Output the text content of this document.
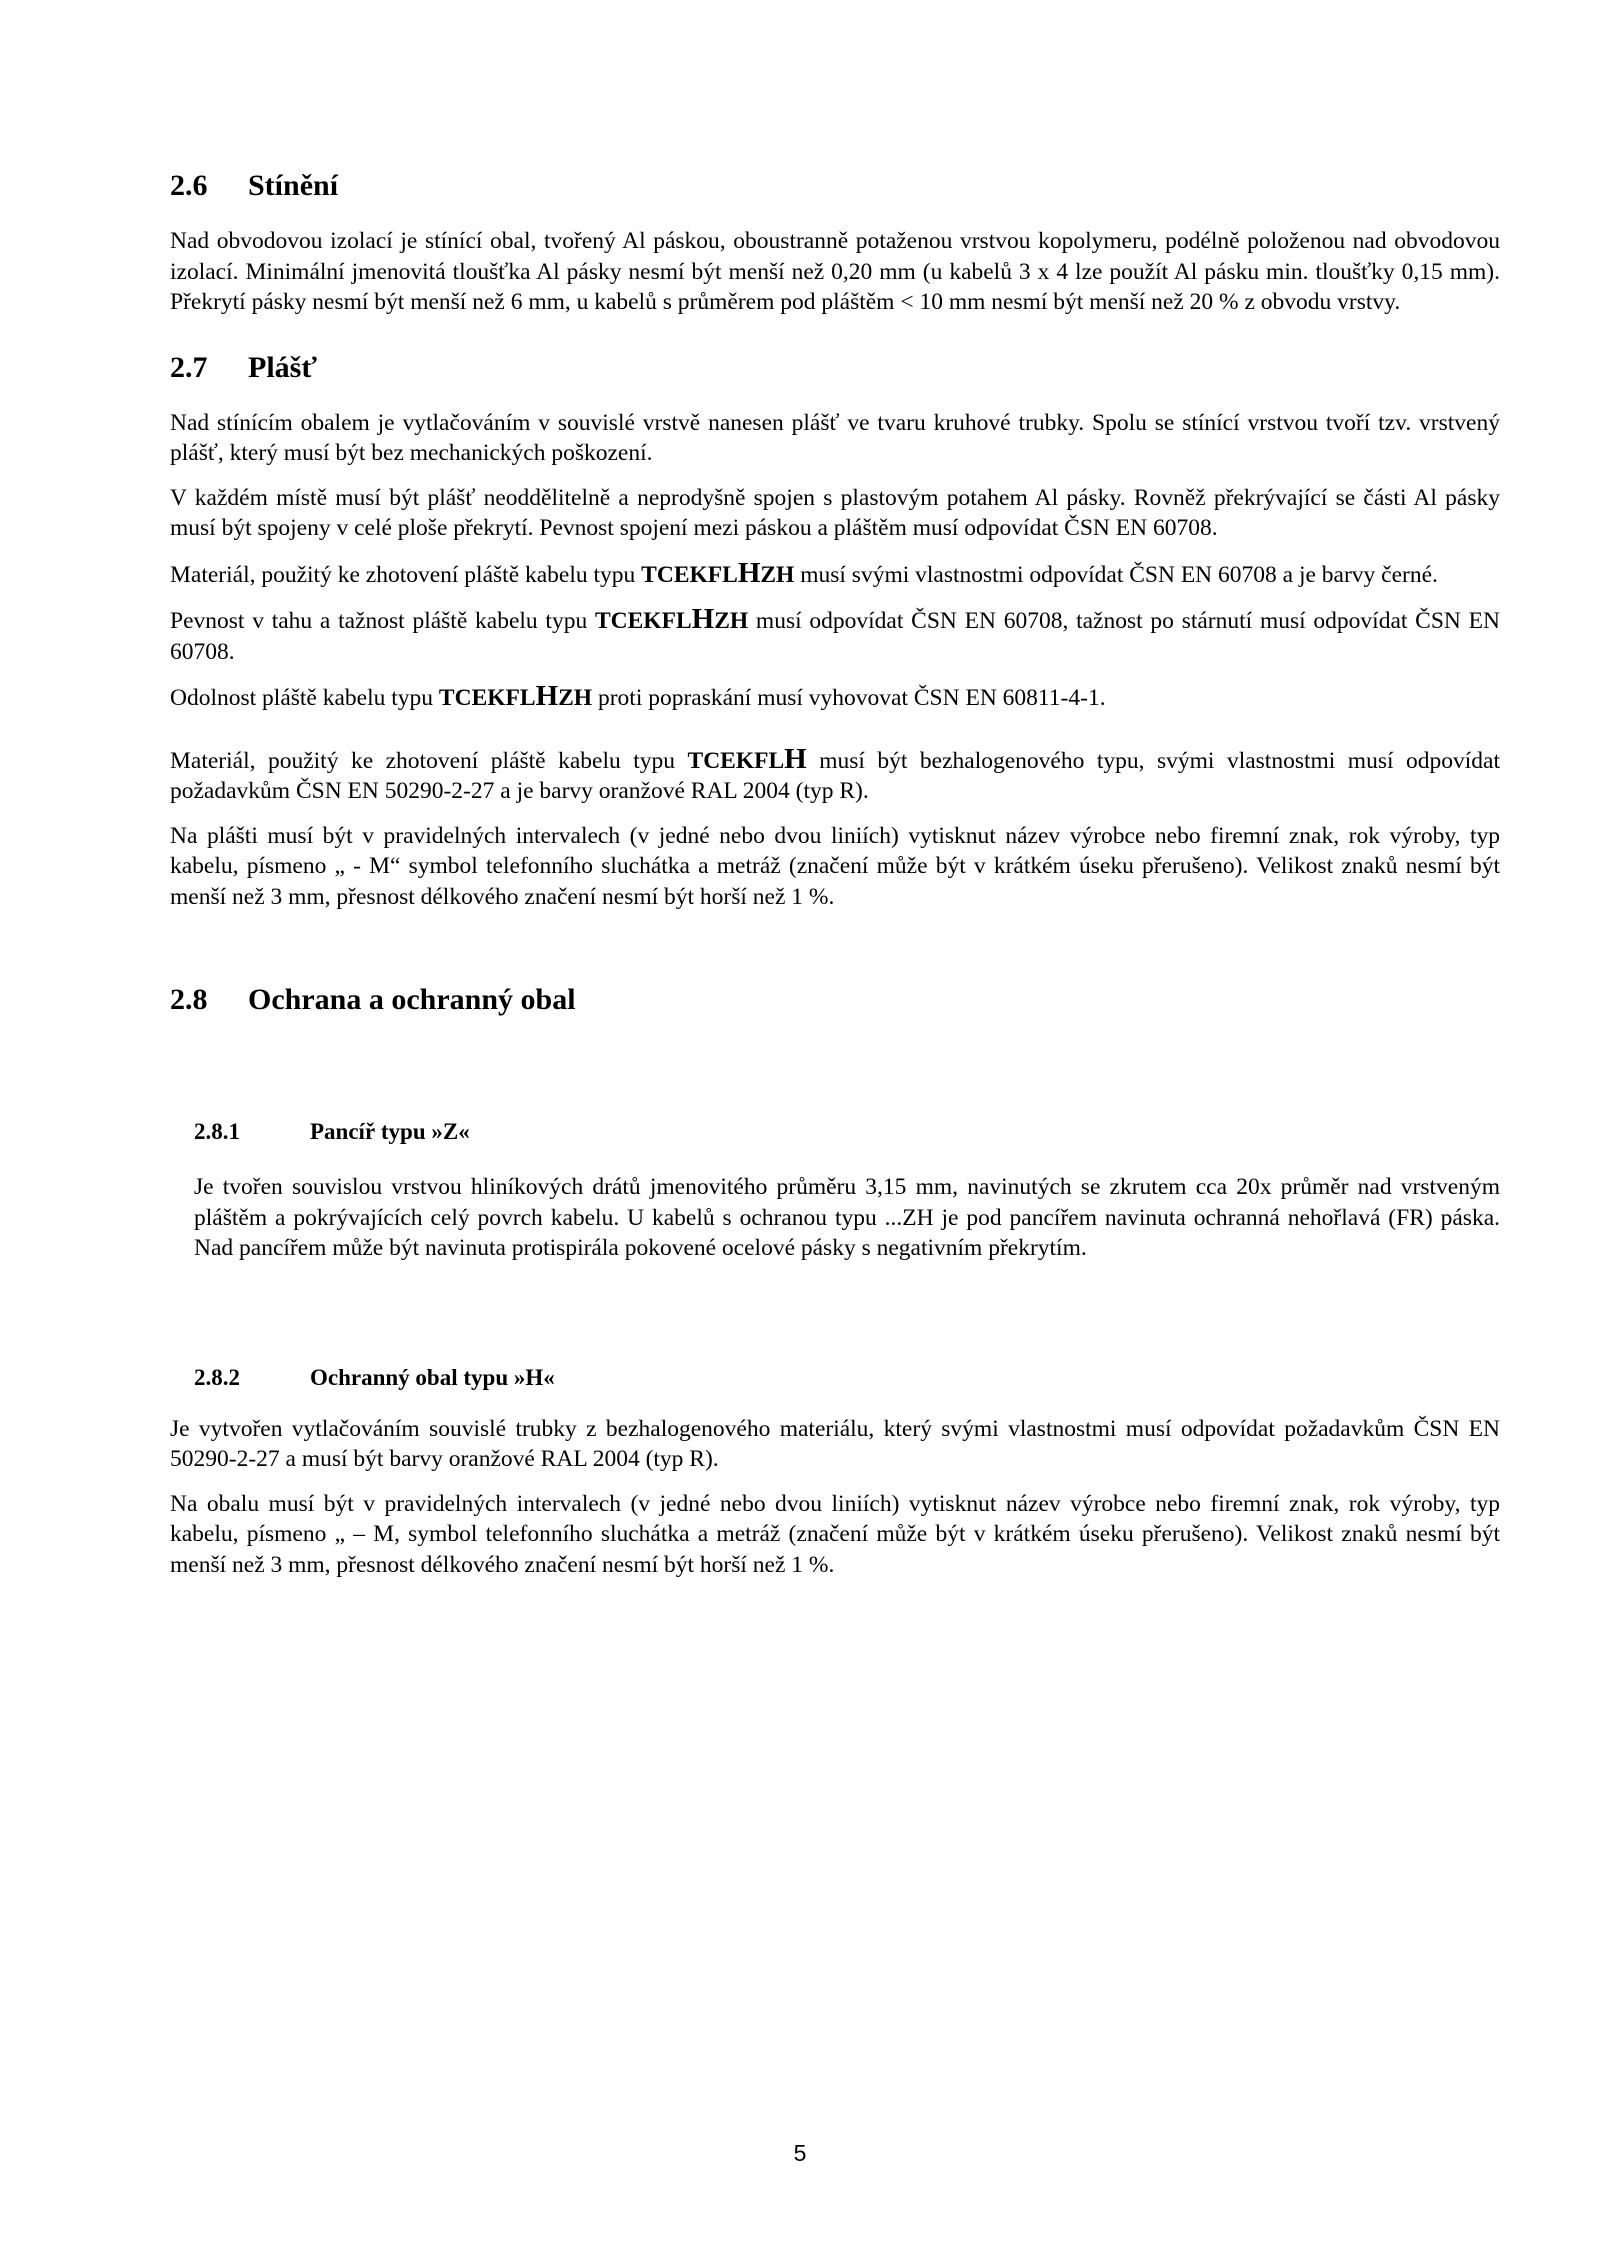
2.6 Stínění

Nad obvodovou izolací je stínící obal, tvořený Al páskou, oboustranně potaženou vrstvou kopolymeru, podélně položenou nad obvodovou izolací. Minimální jmenovitá tloušťka Al pásky nesmí být menší než 0,20 mm (u kabelů 3 x 4 lze použít Al pásku min. tloušťky 0,15 mm). Překrytí pásky nesmí být menší než 6 mm, u kabelů s průměrem pod pláštěm < 10 mm nesmí být menší než 20 % z obvodu vrstvy.

2.7 Plášť

Nad stínícím obalem je vytlačováním v souvislé vrstvě nanesen plášť ve tvaru kruhové trubky. Spolu se stínící vrstvou tvoří tzv. vrstvený plášť, který musí být bez mechanických poškození.

V každém místě musí být plášť neoddělitelně a neprodyšně spojen s plastovým potahem Al pásky. Rovněž překrývající se části Al pásky musí být spojeny v celé ploše překrytí. Pevnost spojení mezi páskou a pláštěm musí odpovídat ČSN EN 60708.

Materiál, použitý ke zhotovení pláště kabelu typu TCEKFLHZH musí svými vlastnostmi odpovídat ČSN EN 60708 a je barvy černé.

Pevnost v tahu a tažnost pláště kabelu typu TCEKFLHZH musí odpovídat ČSN EN 60708, tažnost po stárnutí musí odpovídat ČSN EN 60708.

Odolnost pláště kabelu typu TCEKFLHZH proti popraskání musí vyhovovat ČSN EN 60811-4-1.

Materiál, použitý ke zhotovení pláště kabelu typu TCEKFLH musí být bezhalogenového typu, svými vlastnostmi musí odpovídat požadavkům ČSN EN 50290-2-27 a je barvy oranžové RAL 2004 (typ R).

Na plášti musí být v pravidelných intervalech (v jedné nebo dvou liniích) vytisknut název výrobce nebo firemní znak, rok výroby, typ kabelu, písmeno „ - M“ symbol telefonního sluchátka a metráž (značení může být v krátkém úseku přerušeno). Velikost znaků nesmí být menší než 3 mm, přesnost délkového značení nesmí být horší než 1 %.

2.8 Ochrana a ochranný obal
2.8.1	Pancíř typu »Z«

Je tvořen souvislou vrstvou hliníkových drátů jmenovitého průměru 3,15 mm, navinutých se zkrutem cca 20x průměr nad vrstveným pláštěm a pokrývajících celý povrch kabelu. U kabelů s ochranou typu ...ZH je pod pancířem navinuta ochranná nehořlavá (FR) páska. Nad pancířem může být navinuta protispirála pokovené ocelové pásky s negativním překrytím.

2.8.2	Ochranný obal typu »H«

Je vytvořen vytlačováním souvislé trubky z bezhalogenového materiálu, který svými vlastnostmi musí odpovídat požadavkům ČSN EN 50290-2-27 a musí být barvy oranžové RAL 2004 (typ R).

Na obalu musí být v pravidelných intervalech (v jedné nebo dvou liniích) vytisknut název výrobce nebo firemní znak, rok výroby, typ kabelu, písmeno „ – M, symbol telefonního sluchátka a metráž (značení může být v krátkém úseku přerušeno). Velikost znaků nesmí být menší než 3 mm, přesnost délkového značení nesmí být horší než 1 %.

5
